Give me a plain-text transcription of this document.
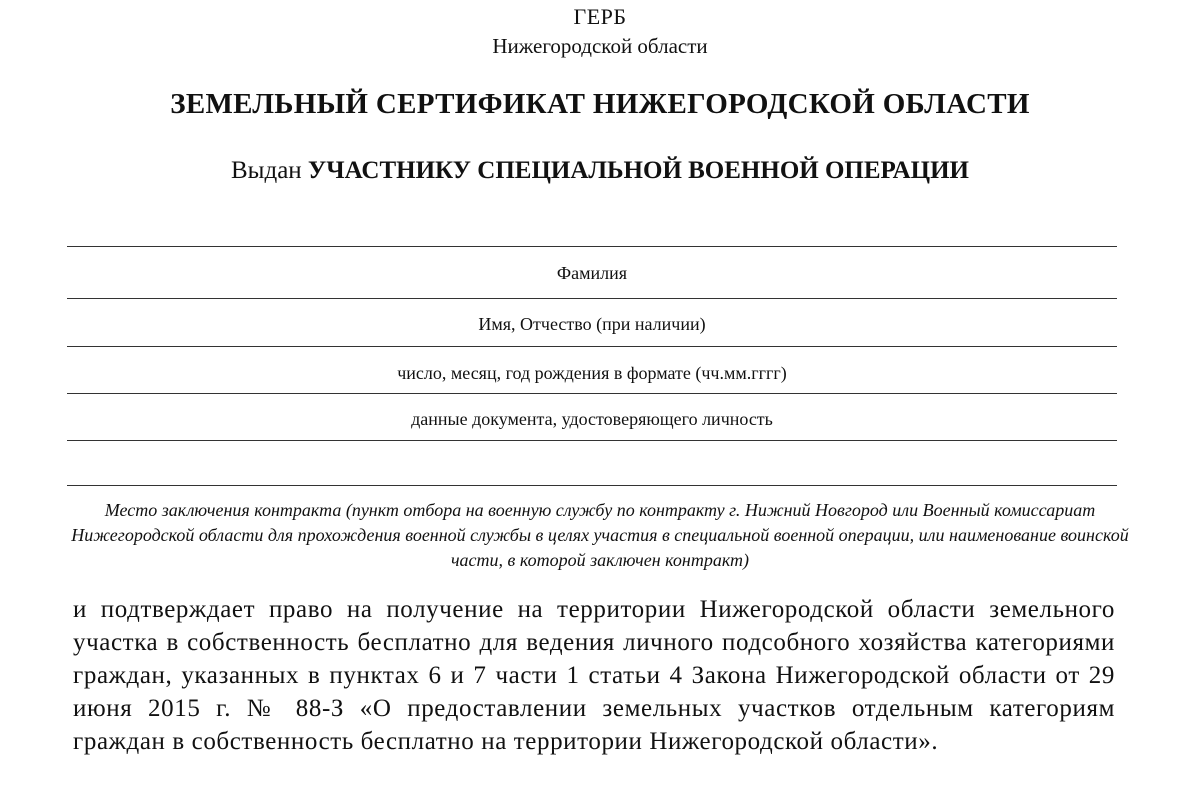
ГЕРБ
Нижегородской области
ЗЕМЕЛЬНЫЙ СЕРТИФИКАТ НИЖЕГОРОДСКОЙ ОБЛАСТИ
Выдан УЧАСТНИКУ СПЕЦИАЛЬНОЙ ВОЕННОЙ ОПЕРАЦИИ
Фамилия
Имя, Отчество (при наличии)
число, месяц, год рождения в формате (чч.мм.гггг)
данные документа, удостоверяющего личность
Место заключения контракта (пункт отбора на военную службу по контракту г. Нижний Новгород или Военный комиссариат Нижегородской области для прохождения военной службы в целях участия в специальной военной операции, или наименование воинской части, в которой заключен контракт)
и подтверждает право на получение на территории Нижегородской области земельного участка в собственность бесплатно для ведения личного подсобного хозяйства категориями граждан, указанных в пунктах 6 и 7 части 1 статьи 4 Закона Нижегородской области от 29 июня 2015 г. № 88-З «О предоставлении земельных участков отдельным категориям граждан в собственность бесплатно на территории Нижегородской области».
